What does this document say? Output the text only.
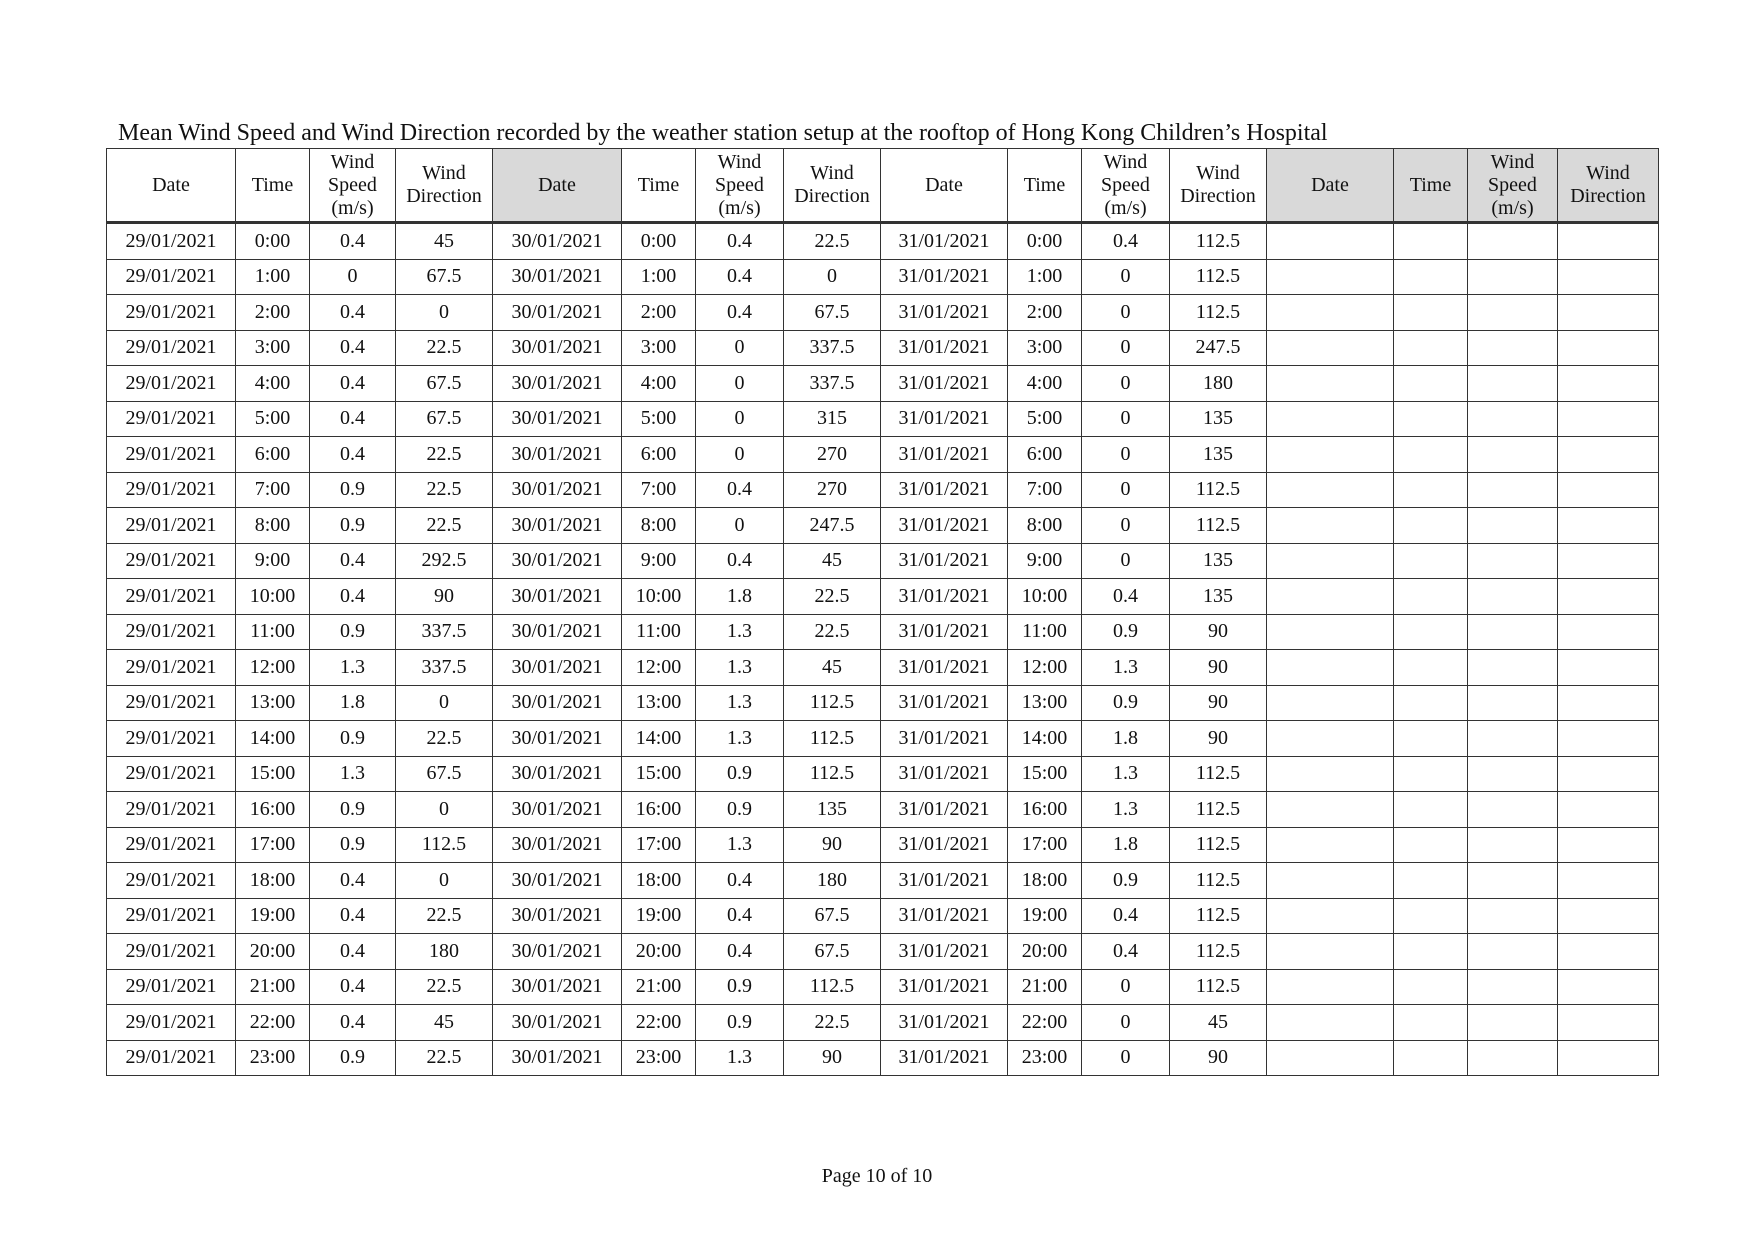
Mean Wind Speed and Wind Direction recorded by the weather station setup at the rooftop of Hong Kong Children’s Hospital
Date	Time	Wind Speed (m/s)	Wind Direction	Date	Time	Wind Speed (m/s)	Wind Direction	Date	Time	Wind Speed (m/s)	Wind Direction	Date	Time	Wind Speed (m/s)	Wind Direction
29/01/2021	0:00	0.4	45	30/01/2021	0:00	0.4	22.5	31/01/2021	0:00	0.4	112.5				
29/01/2021	1:00	0	67.5	30/01/2021	1:00	0.4	0	31/01/2021	1:00	0	112.5				
29/01/2021	2:00	0.4	0	30/01/2021	2:00	0.4	67.5	31/01/2021	2:00	0	112.5				
29/01/2021	3:00	0.4	22.5	30/01/2021	3:00	0	337.5	31/01/2021	3:00	0	247.5				
29/01/2021	4:00	0.4	67.5	30/01/2021	4:00	0	337.5	31/01/2021	4:00	0	180				
29/01/2021	5:00	0.4	67.5	30/01/2021	5:00	0	315	31/01/2021	5:00	0	135				
29/01/2021	6:00	0.4	22.5	30/01/2021	6:00	0	270	31/01/2021	6:00	0	135				
29/01/2021	7:00	0.9	22.5	30/01/2021	7:00	0.4	270	31/01/2021	7:00	0	112.5				
29/01/2021	8:00	0.9	22.5	30/01/2021	8:00	0	247.5	31/01/2021	8:00	0	112.5				
29/01/2021	9:00	0.4	292.5	30/01/2021	9:00	0.4	45	31/01/2021	9:00	0	135				
29/01/2021	10:00	0.4	90	30/01/2021	10:00	1.8	22.5	31/01/2021	10:00	0.4	135				
29/01/2021	11:00	0.9	337.5	30/01/2021	11:00	1.3	22.5	31/01/2021	11:00	0.9	90				
29/01/2021	12:00	1.3	337.5	30/01/2021	12:00	1.3	45	31/01/2021	12:00	1.3	90				
29/01/2021	13:00	1.8	0	30/01/2021	13:00	1.3	112.5	31/01/2021	13:00	0.9	90				
29/01/2021	14:00	0.9	22.5	30/01/2021	14:00	1.3	112.5	31/01/2021	14:00	1.8	90				
29/01/2021	15:00	1.3	67.5	30/01/2021	15:00	0.9	112.5	31/01/2021	15:00	1.3	112.5				
29/01/2021	16:00	0.9	0	30/01/2021	16:00	0.9	135	31/01/2021	16:00	1.3	112.5				
29/01/2021	17:00	0.9	112.5	30/01/2021	17:00	1.3	90	31/01/2021	17:00	1.8	112.5				
29/01/2021	18:00	0.4	0	30/01/2021	18:00	0.4	180	31/01/2021	18:00	0.9	112.5				
29/01/2021	19:00	0.4	22.5	30/01/2021	19:00	0.4	67.5	31/01/2021	19:00	0.4	112.5				
29/01/2021	20:00	0.4	180	30/01/2021	20:00	0.4	67.5	31/01/2021	20:00	0.4	112.5				
29/01/2021	21:00	0.4	22.5	30/01/2021	21:00	0.9	112.5	31/01/2021	21:00	0	112.5				
29/01/2021	22:00	0.4	45	30/01/2021	22:00	0.9	22.5	31/01/2021	22:00	0	45				
29/01/2021	23:00	0.9	22.5	30/01/2021	23:00	1.3	90	31/01/2021	23:00	0	90				
Page 10 of 10
